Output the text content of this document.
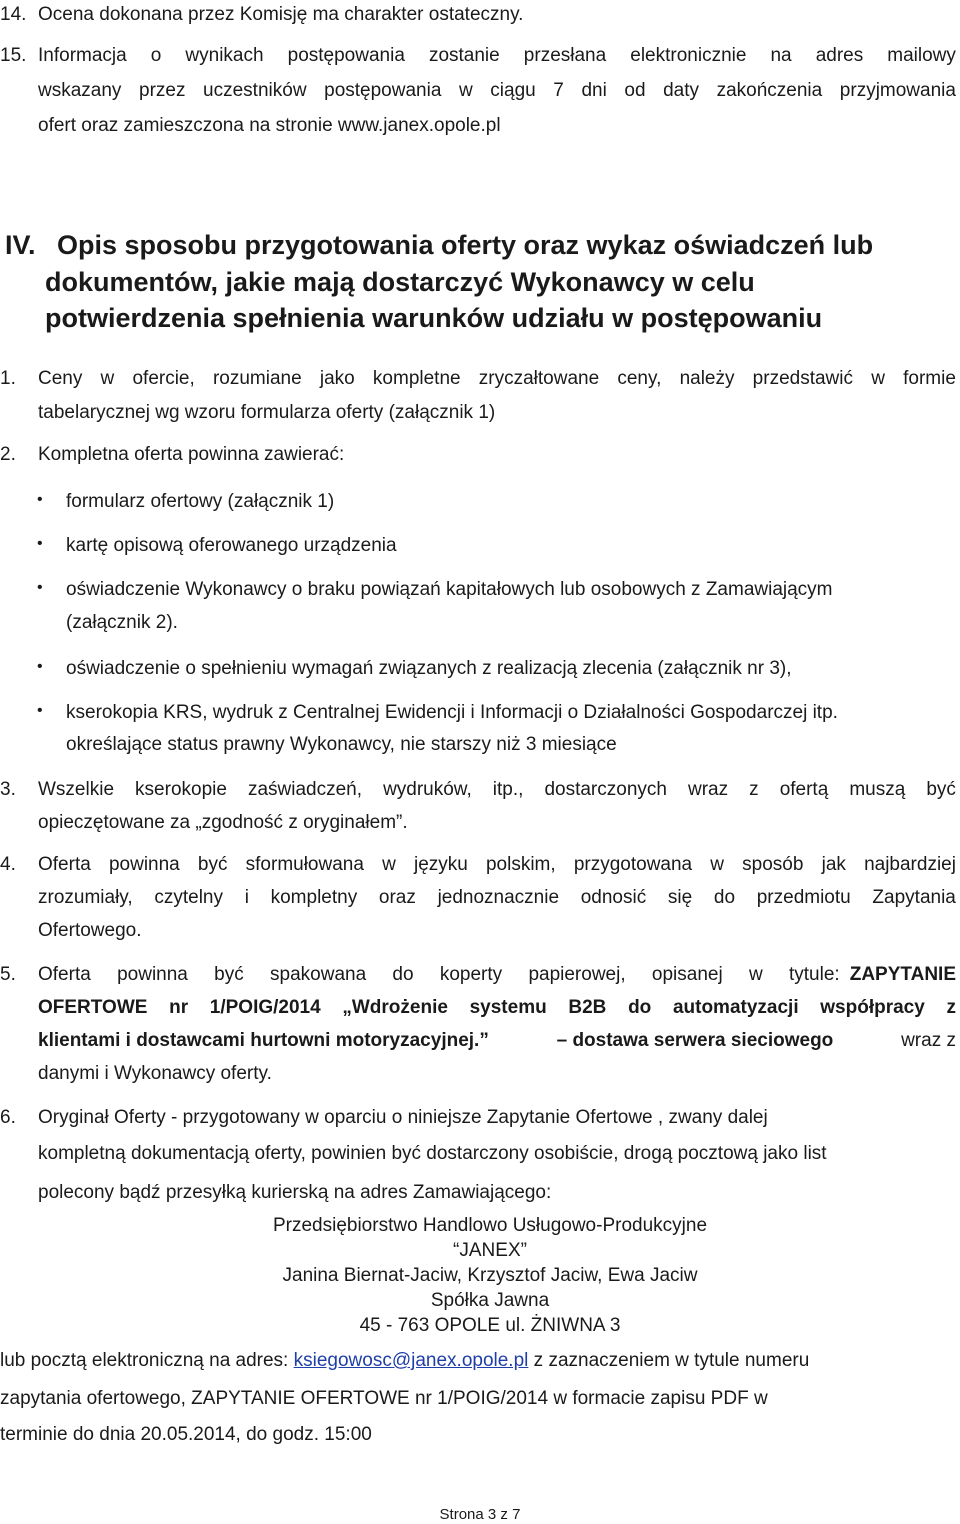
14. Ocena dokonana przez Komisję ma charakter ostateczny.
15. Informacja o wynikach postępowania zostanie przesłana elektronicznie na adres mailowy
wskazany przez uczestników postępowania w ciągu 7 dni od daty zakończenia przyjmowania
ofert oraz zamieszczona na stronie www.janex.opole.pl
IV. Opis sposobu przygotowania oferty oraz wykaz oświadczeń lub
dokumentów, jakie mają dostarczyć Wykonawcy w celu
potwierdzenia spełnienia warunków udziału w postępowaniu
1. Ceny w ofercie, rozumiane jako kompletne zryczałtowane ceny, należy przedstawić w formie
tabelarycznej wg wzoru formularza oferty (załącznik 1)
2. Kompletna oferta powinna zawierać:
• formularz ofertowy (załącznik 1)
• kartę opisową oferowanego urządzenia
• oświadczenie Wykonawcy o braku powiązań kapitałowych lub osobowych z Zamawiającym
(załącznik 2).
• oświadczenie o spełnieniu wymagań związanych z realizacją zlecenia (załącznik nr 3),
• kserokopia KRS, wydruk z Centralnej Ewidencji i Informacji o Działalności Gospodarczej itp.
określające status prawny Wykonawcy, nie starszy niż 3 miesiące
3. Wszelkie kserokopie zaświadczeń, wydruków, itp., dostarczonych wraz z ofertą muszą być
opieczętowane za „zgodność z oryginałem”.
4. Oferta powinna być sformułowana w języku polskim, przygotowana w sposób jak najbardziej
zrozumiały, czytelny i kompletny oraz jednoznacznie odnosić się do przedmiotu Zapytania
Ofertowego.
5. Oferta powinna być spakowana do koperty papierowej, opisanej w tytule: ZAPYTANIE
OFERTOWE nr 1/POIG/2014 „Wdrożenie systemu B2B do automatyzacji współpracy z
klientami i dostawcami hurtowni motoryzacyjnej.”	– dostawa serwera sieciowego	wraz z
danymi i Wykonawcy oferty.
6. Oryginał Oferty - przygotowany w oparciu o niniejsze Zapytanie Ofertowe , zwany dalej
kompletną dokumentacją oferty, powinien być dostarczony osobiście, drogą pocztową jako list
polecony bądź przesyłką kurierską na adres Zamawiającego:
Przedsiębiorstwo Handlowo Usługowo-Produkcyjne
“JANEX”
Janina Biernat-Jaciw, Krzysztof Jaciw, Ewa Jaciw
Spółka Jawna
45 - 763 OPOLE ul. ŻNIWNA 3
lub pocztą elektroniczną na adres: ksiegowosc@janex.opole.pl z zaznaczeniem w tytule numeru
zapytania ofertowego, ZAPYTANIE OFERTOWE nr 1/POIG/2014 w formacie zapisu PDF w
terminie do dnia 20.05.2014, do godz. 15:00
Strona 3 z 7
